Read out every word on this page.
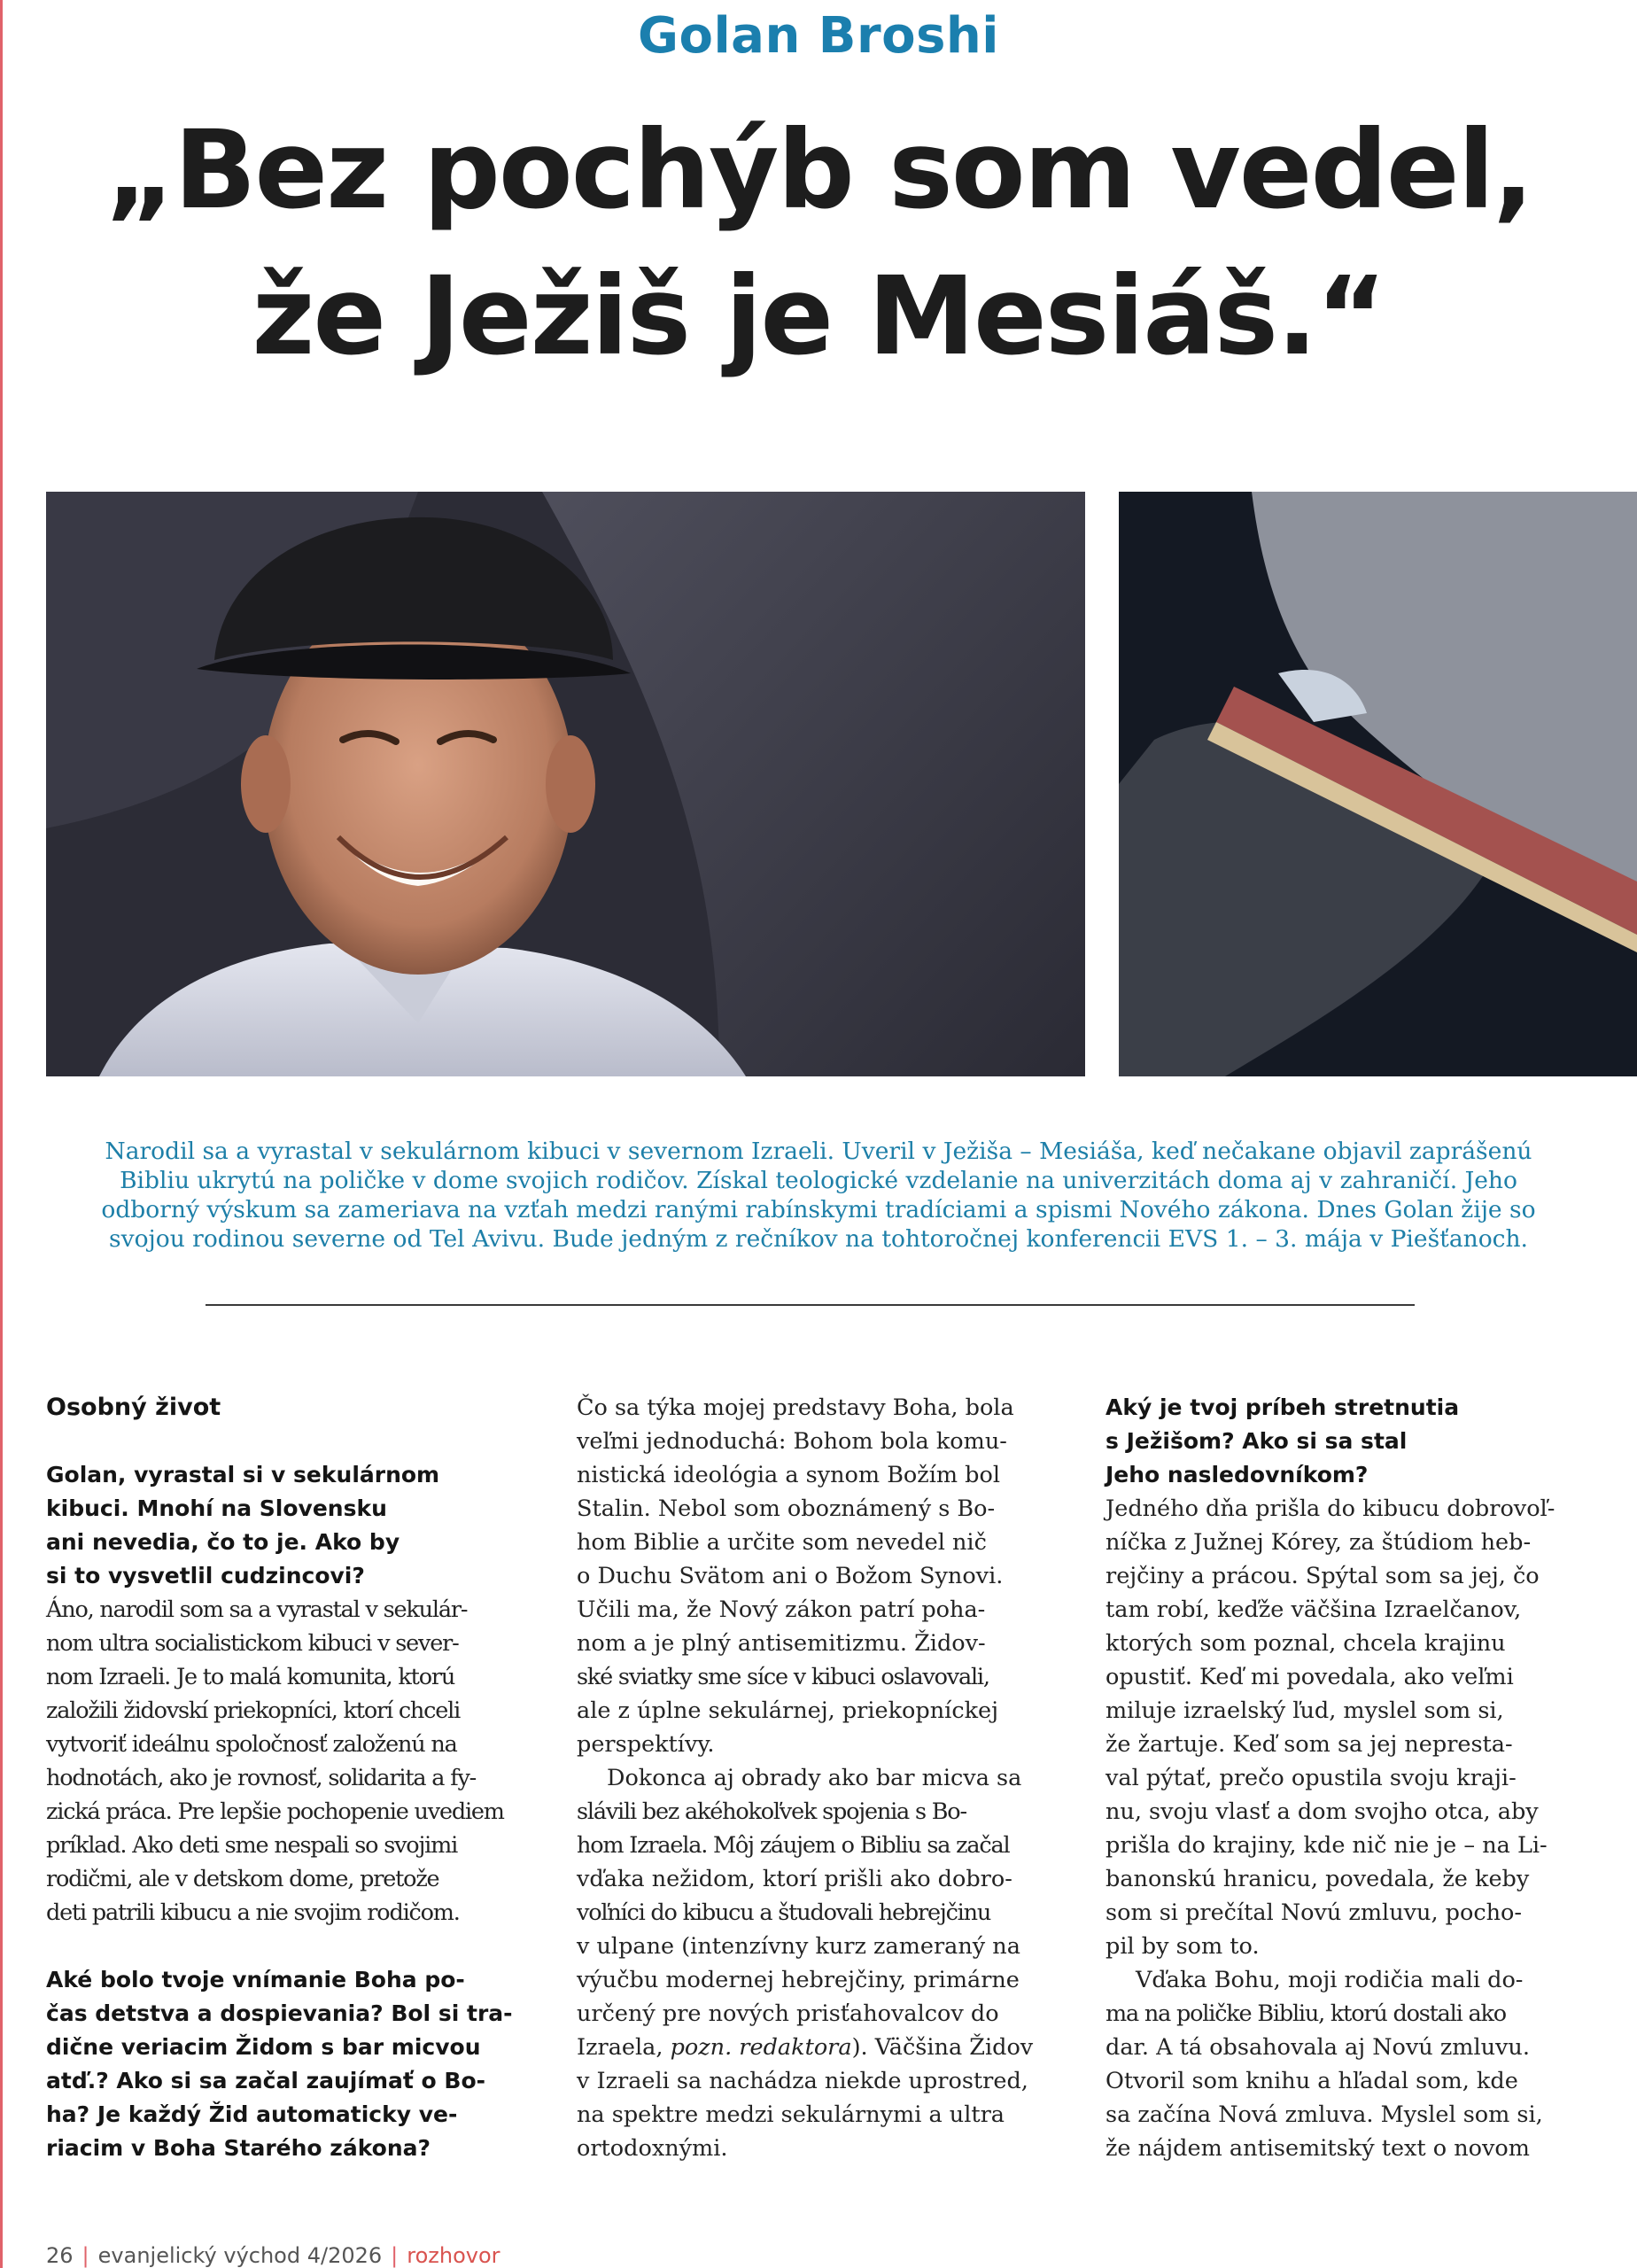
Golan Broshi
„Bez pochýb som vedel,
že Ježiš je Mesiáš.“
Narodil sa a vyrastal v sekulárnom kibuci v severnom Izraeli. Uveril v Ježiša – Mesiáša, keď nečakane objavil zaprášenú
Bibliu ukrytú na poličke v dome svojich rodičov. Získal teologické vzdelanie na univerzitách doma aj v zahraničí. Jeho
odborný výskum sa zameriava na vzťah medzi ranými rabínskymi tradíciami a spismi Nového zákona. Dnes Golan žije so
svojou rodinou severne od Tel Avivu. Bude jedným z rečníkov na tohtoročnej konferencii EVS 1. – 3. mája v Piešťanoch.
Osobný život
Golan, vyrastal si v sekulárnom
kibuci. Mnohí na Slovensku
ani nevedia, čo to je. Ako by
si to vysvetlil cudzincovi?
Áno, narodil som sa a vyrastal v sekulár-
nom ultra socialistickom kibuci v sever-
nom Izraeli. Je to malá komunita, ktorú
založili židovskí priekopníci, ktorí chceli
vytvoriť ideálnu spoločnosť založenú na
hodnotách, ako je rovnosť, solidarita a fy-
zická práca. Pre lepšie pochopenie uvediem
príklad. Ako deti sme nespali so svojimi
rodičmi, ale v detskom dome, pretože
deti patrili kibucu a nie svojim rodičom.
Aké bolo tvoje vnímanie Boha po-
čas detstva a dospievania? Bol si tra-
dične veriacim Židom s bar micvou
atď.? Ako si sa začal zaujímať o Bo-
ha? Je každý Žid automaticky ve-
riacim v Boha Starého zákona?
Čo sa týka mojej predstavy Boha, bola
veľmi jednoduchá: Bohom bola komu-
nistická ideológia a synom Božím bol
Stalin. Nebol som oboznámený s Bo-
hom Biblie a určite som nevedel nič
o Duchu Svätom ani o Božom Synovi.
Učili ma, že Nový zákon patrí poha-
nom a je plný antisemitizmu. Židov-
ské sviatky sme síce v kibuci oslavovali,
ale z úplne sekulárnej, priekopníckej
perspektívy.
Dokonca aj obrady ako bar micva sa
slávili bez akéhokoľvek spojenia s Bo-
hom Izraela. Môj záujem o Bibliu sa začal
vďaka nežidom, ktorí prišli ako dobro-
voľníci do kibucu a študovali hebrejčinu
v ulpane (intenzívny kurz zameraný na
výučbu modernej hebrejčiny, primárne
určený pre nových prisťahovalcov do
Izraela, pozn. redaktora). Väčšina Židov
v Izraeli sa nachádza niekde uprostred,
na spektre medzi sekulárnymi a ultra
ortodoxnými.
Aký je tvoj príbeh stretnutia
s Ježišom? Ako si sa stal
Jeho nasledovníkom?
Jedného dňa prišla do kibucu dobrovoľ-
níčka z Južnej Kórey, za štúdiom heb-
rejčiny a prácou. Spýtal som sa jej, čo
tam robí, keďže väčšina Izraelčanov,
ktorých som poznal, chcela krajinu
opustiť. Keď mi povedala, ako veľmi
miluje izraelský ľud, myslel som si,
že žartuje. Keď som sa jej nepresta-
val pýtať, prečo opustila svoju kraji-
nu, svoju vlasť a dom svojho otca, aby
prišla do krajiny, kde nič nie je – na Li-
banonskú hranicu, povedala, že keby
som si prečítal Novú zmluvu, pocho-
pil by som to.
Vďaka Bohu, moji rodičia mali do-
ma na poličke Bibliu, ktorú dostali ako
dar. A tá obsahovala aj Novú zmluvu.
Otvoril som knihu a hľadal som, kde
sa začína Nová zmluva. Myslel som si,
že nájdem antisemitský text o novom
26 | evanjelický východ 4/2026 | rozhovor
